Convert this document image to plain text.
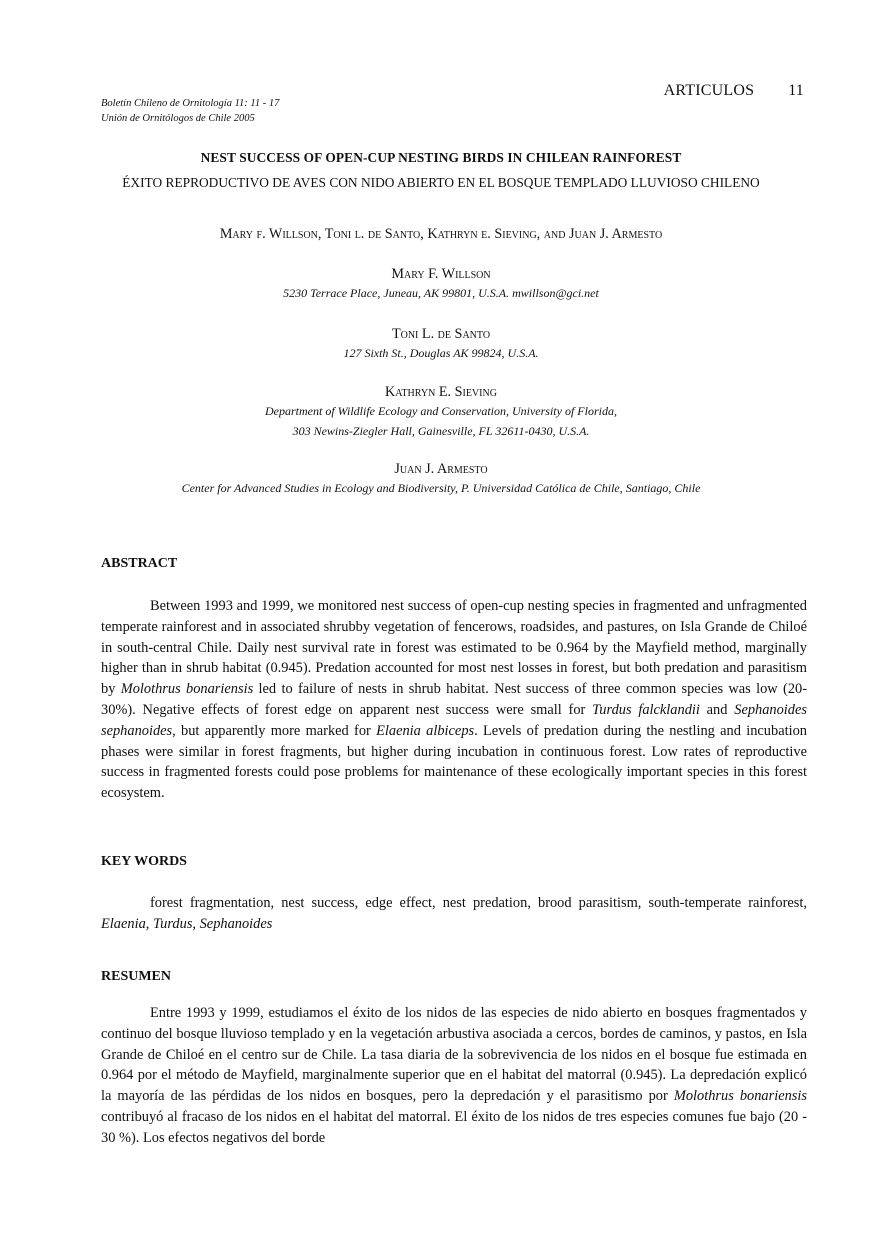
Boletín Chileno de Ornitología 11: 11 - 17
Unión de Ornitólogos de Chile 2005
ARTICULOS 11
NEST SUCCESS OF OPEN-CUP NESTING BIRDS IN CHILEAN RAINFOREST
ÉXITO REPRODUCTIVO DE AVES CON NIDO ABIERTO EN EL BOSQUE TEMPLADO LLUVIOSO CHILENO
Mary f. Willson, Toni l. de Santo, Kathryn e. Sieving, and Juan J. Armesto
Mary F. Willson
5230 Terrace Place, Juneau, AK 99801, U.S.A. mwillson@gci.net
Toni L. de Santo
127 Sixth St., Douglas AK 99824, U.S.A.
Kathryn E. Sieving
Department of Wildlife Ecology and Conservation, University of Florida,
303 Newins-Ziegler Hall, Gainesville, FL 32611-0430, U.S.A.
Juan J. Armesto
Center for Advanced Studies in Ecology and Biodiversity, P. Universidad Católica de Chile, Santiago, Chile
ABSTRACT

Between 1993 and 1999, we monitored nest success of open-cup nesting species in fragmented and unfragmented temperate rainforest and in associated shrubby vegetation of fencerows, roadsides, and pastures, on Isla Grande de Chiloé in south-central Chile. Daily nest survival rate in forest was estimated to be 0.964 by the Mayfield method, marginally higher than in shrub habitat (0.945). Predation accounted for most nest losses in forest, but both predation and parasitism by Molothrus bonariensis led to failure of nests in shrub habitat. Nest success of three common species was low (20-30%). Negative effects of forest edge on apparent nest success were small for Turdus falcklandii and Sephanoides sephanoides, but apparently more marked for Elaenia albiceps. Levels of predation during the nestling and incubation phases were similar in forest fragments, but higher during incubation in continuous forest. Low rates of reproductive success in fragmented forests could pose problems for maintenance of these ecologically important species in this forest ecosystem.

KEY WORDS

forest fragmentation, nest success, edge effect, nest predation, brood parasitism, south-temperate rainforest, Elaenia, Turdus, Sephanoides

RESUMEN

Entre 1993 y 1999, estudiamos el éxito de los nidos de las especies de nido abierto en bosques fragmentados y continuo del bosque lluvioso templado y en la vegetación arbustiva asociada a cercos, bordes de caminos, y pastos, en Isla Grande de Chiloé en el centro sur de Chile. La tasa diaria de la sobrevivencia de los nidos en el bosque fue estimada en 0.964 por el método de Mayfield, marginalmente superior que en el habitat del matorral (0.945). La depredación explicó la mayoría de las pérdidas de los nidos en bosques, pero la depredación y el parasitismo por Molothrus bonariensis contribuyó al fracaso de los nidos en el habitat del matorral. El éxito de los nidos de tres especies comunes fue bajo (20 - 30 %). Los efectos negativos del borde
